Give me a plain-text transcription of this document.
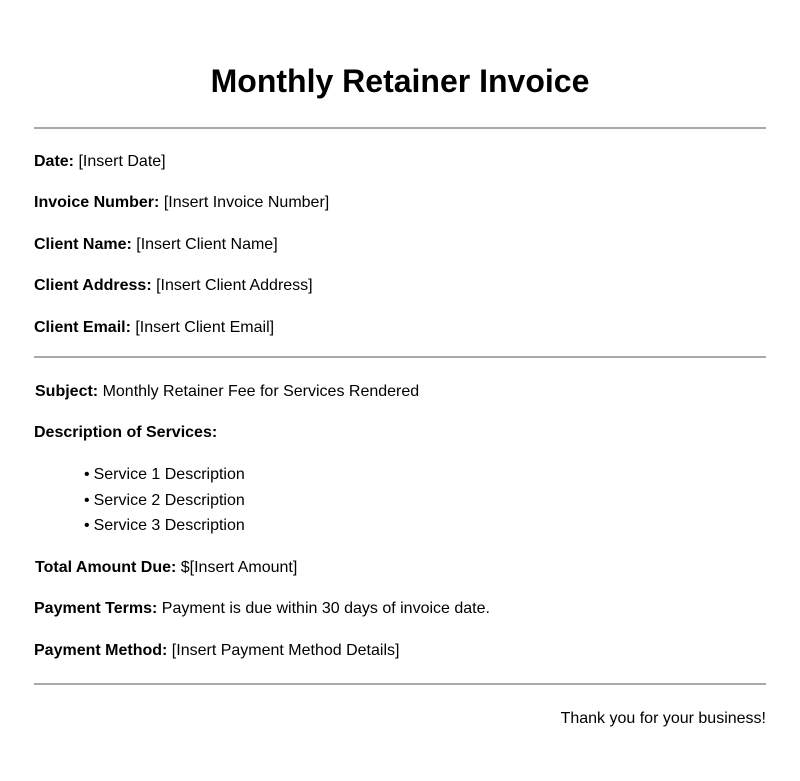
Monthly Retainer Invoice
Date: [Insert Date]
Invoice Number: [Insert Invoice Number]
Client Name: [Insert Client Name]
Client Address: [Insert Client Address]
Client Email: [Insert Client Email]
Subject: Monthly Retainer Fee for Services Rendered
Description of Services:
• Service 1 Description
• Service 2 Description
• Service 3 Description
Total Amount Due: $[Insert Amount]
Payment Terms: Payment is due within 30 days of invoice date.
Payment Method: [Insert Payment Method Details]
Thank you for your business!
